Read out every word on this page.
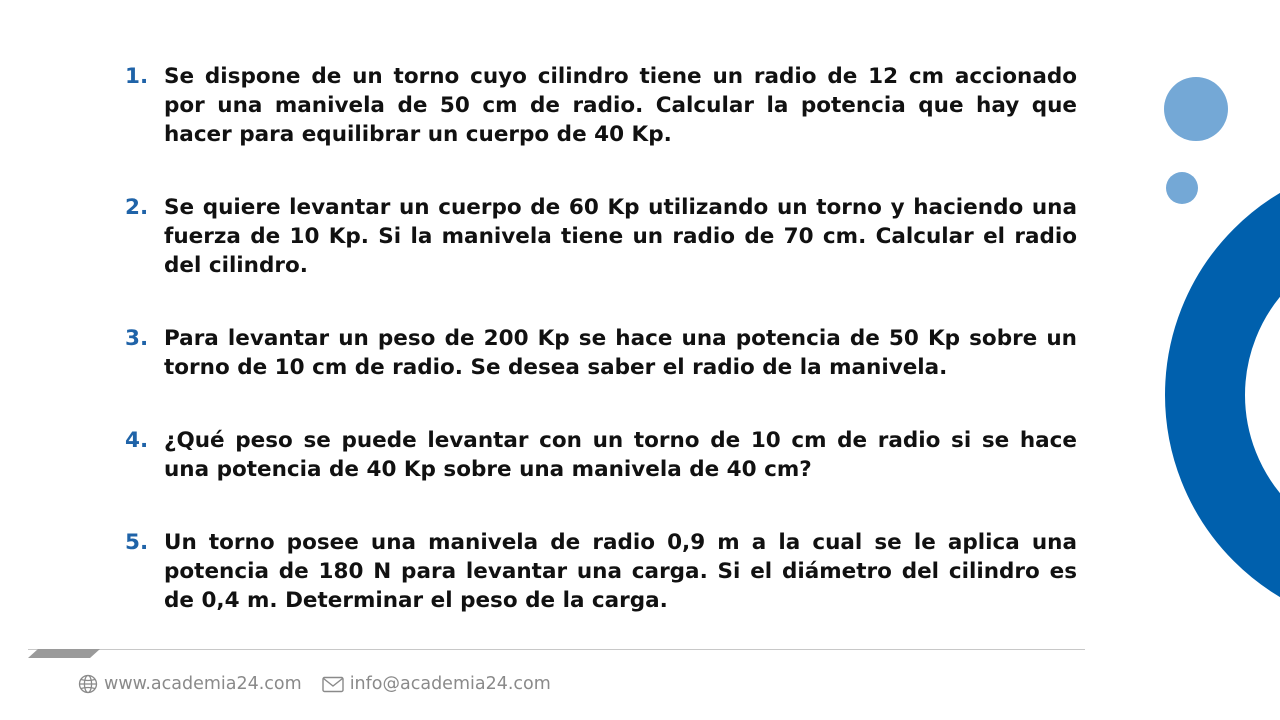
1. Se dispone de un torno cuyo cilindro tiene un radio de 12 cm accionado por una manivela de 50 cm de radio. Calcular la potencia que hay que hacer para equilibrar un cuerpo de 40 Kp.
2. Se quiere levantar un cuerpo de 60 Kp utilizando un torno y haciendo una fuerza de 10 Kp. Si la manivela tiene un radio de 70 cm. Calcular el radio del cilindro.
3. Para levantar un peso de 200 Kp se hace una potencia de 50 Kp sobre un torno de 10 cm de radio. Se desea saber el radio de la manivela.
4. ¿Qué peso se puede levantar con un torno de 10 cm de radio si se hace una potencia de 40 Kp sobre una manivela de 40 cm?
5. Un torno posee una manivela de radio 0,9 m a la cual se le aplica una potencia de 180 N para levantar una carga. Si el diámetro del cilindro es de 0,4 m. Determinar el peso de la carga.
www.academia24.com	info@academia24.com
